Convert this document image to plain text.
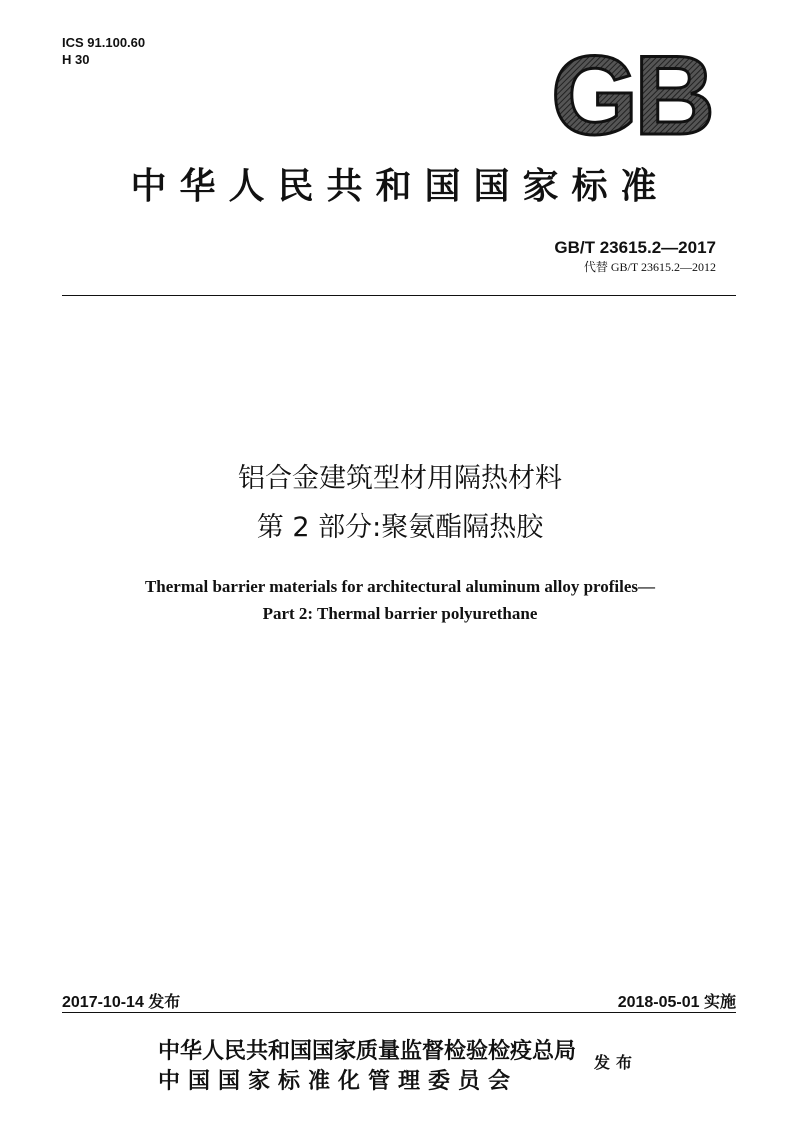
ICS 91.100.60
H 30	GB
中华人民共和国国家标准
GB/T 23615.2—2017
代替 GB/T 23615.2—2012
铝合金建筑型材用隔热材料
第 2 部分:聚氨酯隔热胶
Thermal barrier materials for architectural aluminum alloy profiles—
Part 2: Thermal barrier polyurethane
2017-10-14 发布	2018-05-01 实施
中华人民共和国国家质量监督检验检疫总局
中国国家标准化管理委员会
发布
